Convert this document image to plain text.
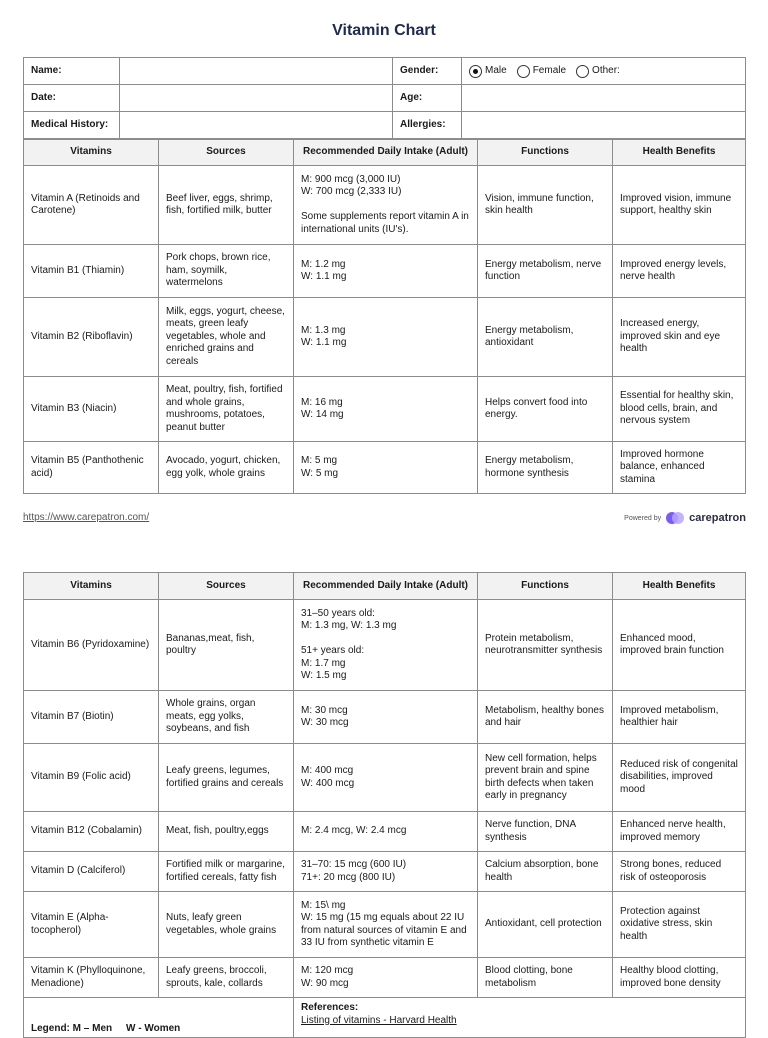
Vitamin Chart
Name:		Gender:	Male Female Other:

Date:		Age:	
Medical History:		Allergies:	
Vitamins	Sources	Recommended Daily Intake (Adult)	Functions	Health Benefits
Vitamin A (Retinoids and Carotene)	Beef liver, eggs, shrimp, fish, fortified milk, butter	M: 900 mcg (3,000 IU)
W: 700 mcg (2,333 IU)

Some supplements report vitamin A in international units (IU's).	Vision, immune function, skin health	Improved vision, immune support, healthy skin
Vitamin B1 (Thiamin)	Pork chops, brown rice, ham, soymilk, watermelons	M: 1.2 mg
W: 1.1 mg	Energy metabolism, nerve function	Improved energy levels, nerve health
Vitamin B2 (Riboflavin)	Milk, eggs, yogurt, cheese, meats, green leafy vegetables, whole and enriched grains and cereals	M: 1.3 mg
W: 1.1 mg	Energy metabolism, antioxidant	Increased energy, improved skin and eye health
Vitamin B3 (Niacin)	Meat, poultry, fish, fortified and whole grains, mushrooms, potatoes, peanut butter	M: 16 mg
W: 14 mg	Helps convert food into energy.	Essential for healthy skin, blood cells, brain, and nervous system
Vitamin B5 (Panthothenic acid)	Avocado, yogurt, chicken, egg yolk, whole grains	M: 5 mg
W: 5 mg	Energy metabolism, hormone synthesis	Improved hormone balance, enhanced stamina
https://www.carepatron.com/	Powered by	carepatron
Vitamins	Sources	Recommended Daily Intake (Adult)	Functions	Health Benefits
Vitamin B6 (Pyridoxamine)	Bananas,meat, fish, poultry	31–50 years old:
M: 1.3 mg, W: 1.3 mg

51+ years old:
M: 1.7 mg
W: 1.5 mg	Protein metabolism, neurotransmitter synthesis	Enhanced mood, improved brain function
Vitamin B7 (Biotin)	Whole grains, organ meats, egg yolks, soybeans, and fish	M: 30 mcg
W: 30 mcg	Metabolism, healthy bones and hair	Improved metabolism, healthier hair
Vitamin B9 (Folic acid)	Leafy greens, legumes, fortified grains and cereals	M: 400 mcg
W: 400 mcg	New cell formation, helps prevent brain and spine birth defects when taken early in pregnancy	Reduced risk of congenital disabilities, improved mood
Vitamin B12 (Cobalamin)	Meat, fish, poultry,eggs	M: 2.4 mcg, W: 2.4 mcg	Nerve function, DNA synthesis	Enhanced nerve health, improved memory
Vitamin D (Calciferol)	Fortified milk or margarine, fortified cereals, fatty fish	31–70: 15 mcg (600 IU)
71+: 20 mcg (800 IU)	Calcium absorption, bone health	Strong bones, reduced risk of osteoporosis
Vitamin E (Alpha-tocopherol)	Nuts, leafy green vegetables, whole grains	M: 15\ mg
W: 15 mg (15 mg equals about 22 IU from natural sources of vitamin E and 33 IU from synthetic vitamin E	Antioxidant, cell protection	Protection against oxidative stress, skin health
Vitamin K (Phylloquinone, Menadione)	Leafy greens, broccoli, sprouts, kale, collards	M: 120 mcg
W: 90 mcg	Blood clotting, bone metabolism	Healthy blood clotting, improved bone density
Legend: M – Men     W - Women		References:
Listing of vitamins - Harvard Health		
